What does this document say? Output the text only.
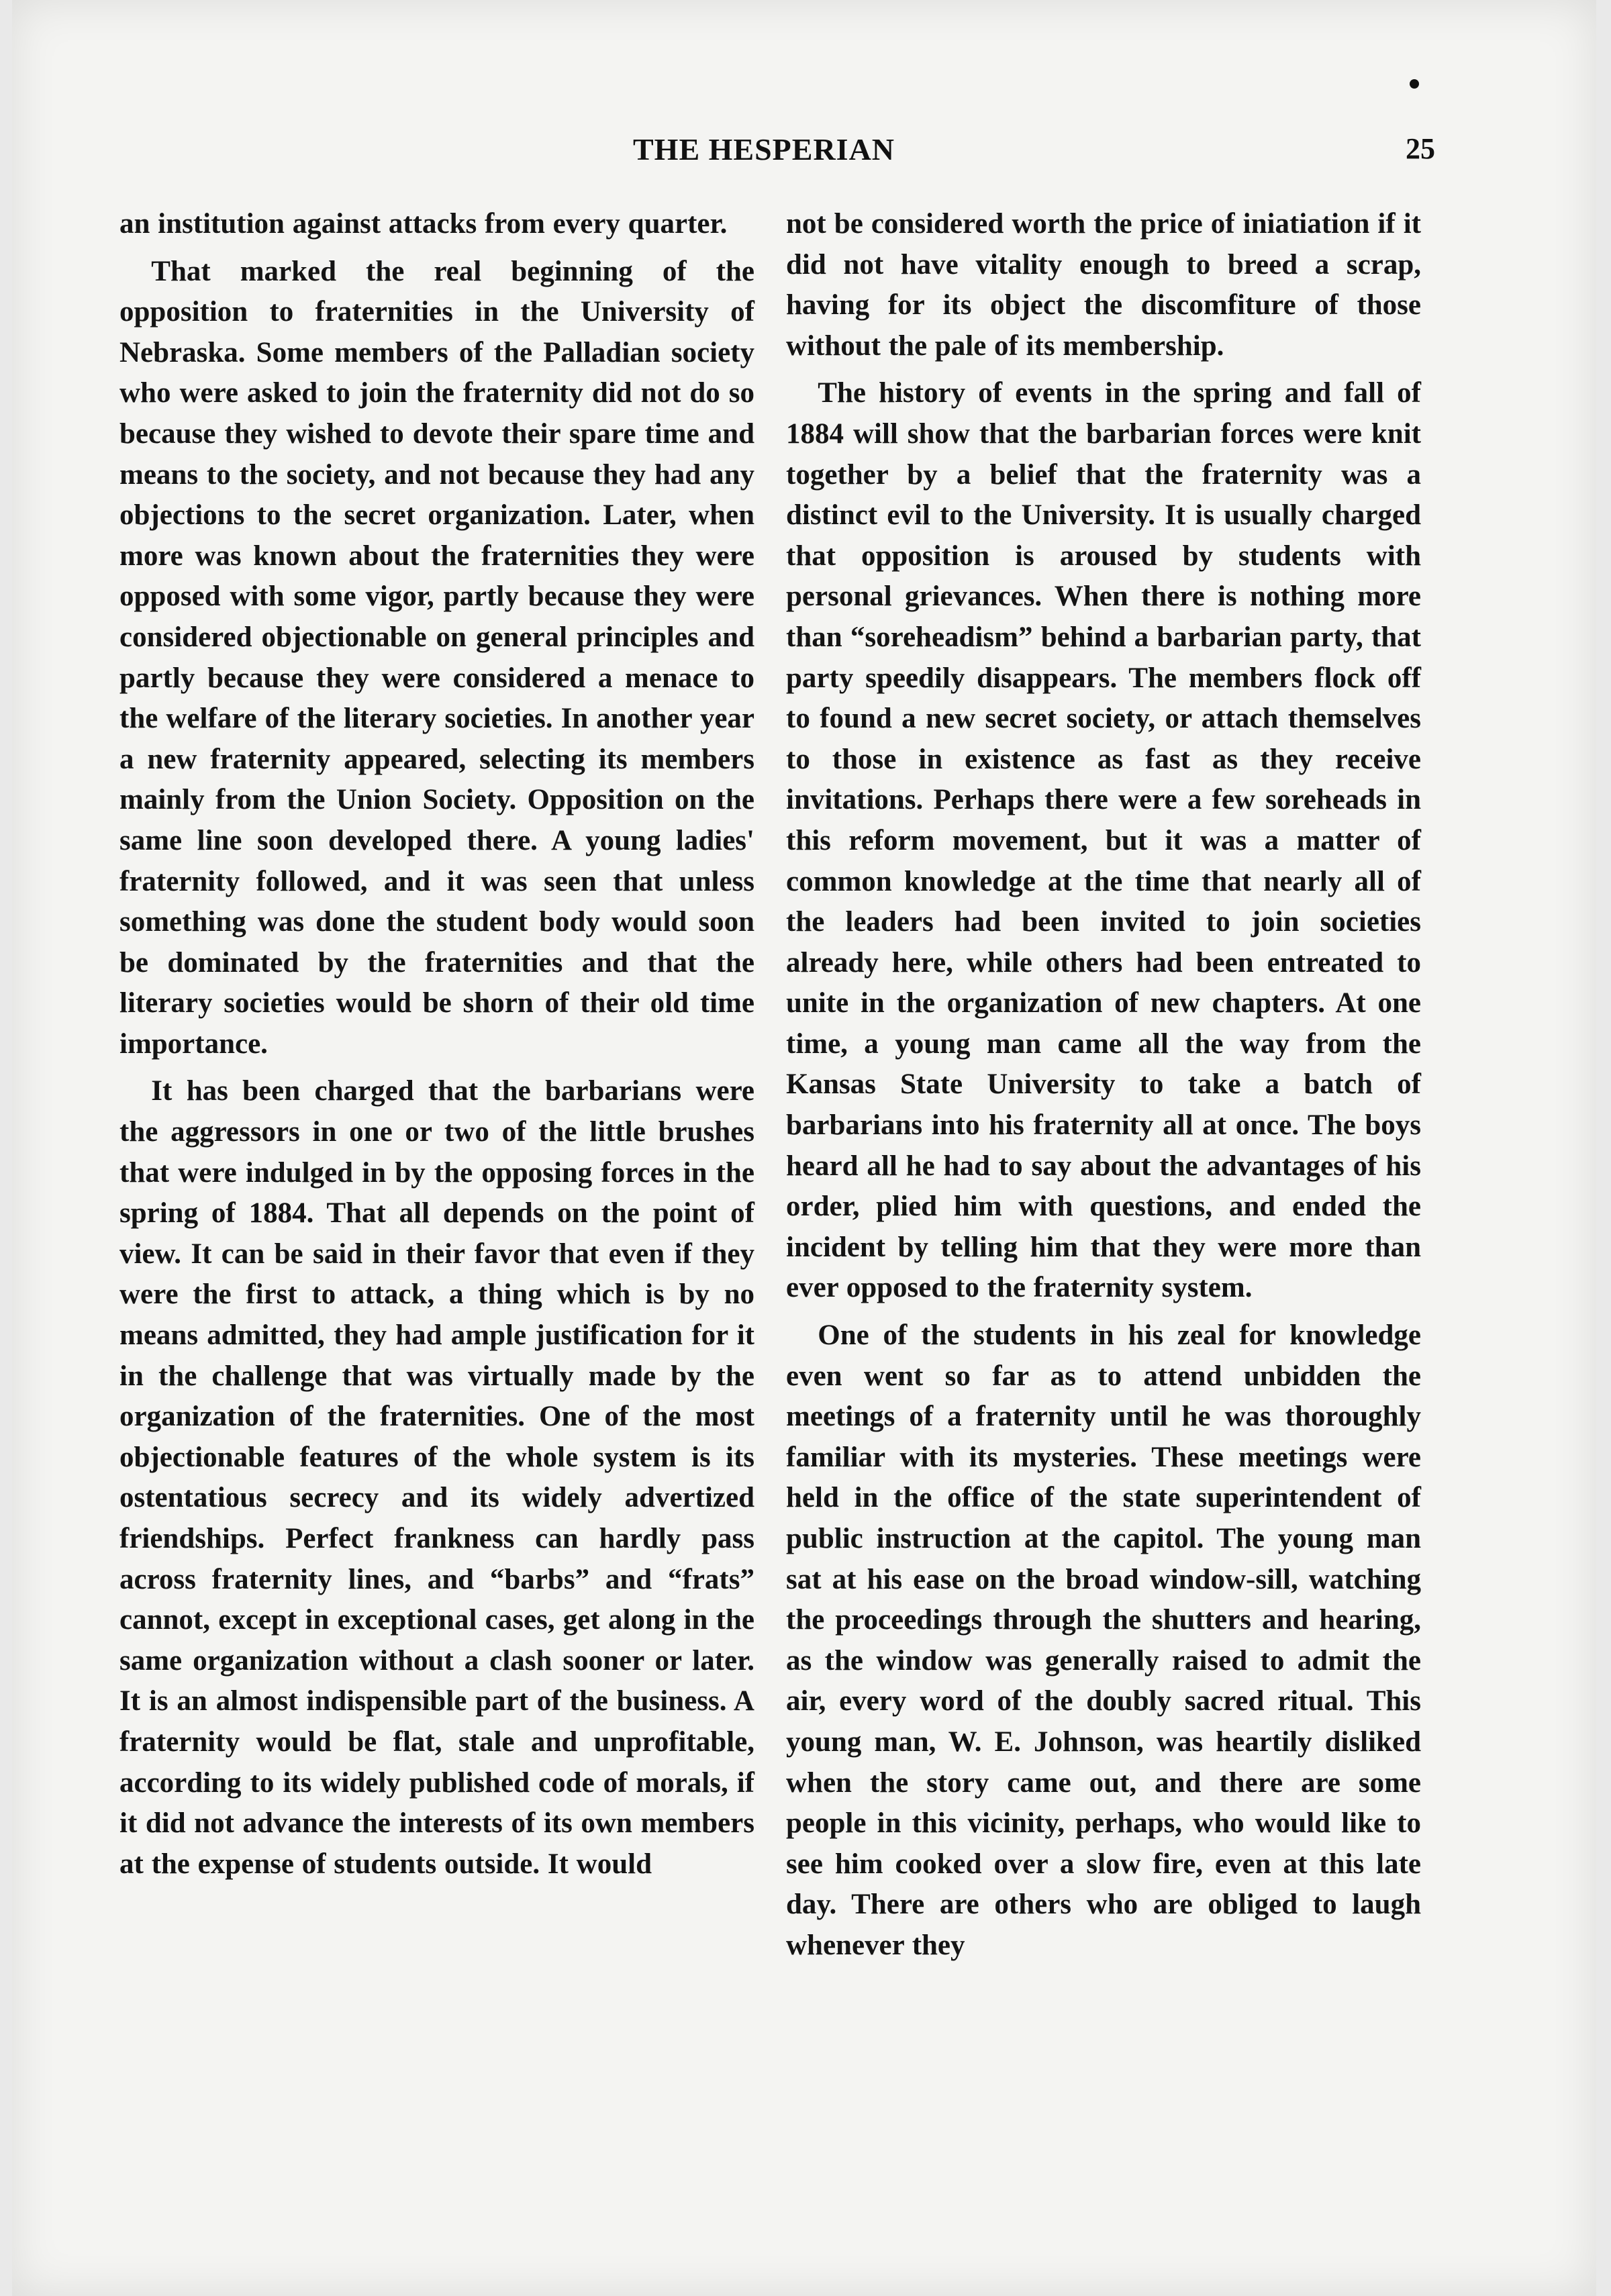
THE HESPERIAN	25

an institution against attacks from every quarter.

That marked the real beginning of the opposition to fraternities in the University of Nebraska. Some members of the Palladian society who were asked to join the fraternity did not do so because they wished to devote their spare time and means to the society, and not because they had any objections to the secret organization. Later, when more was known about the fraternities they were opposed with some vigor, partly because they were considered objectionable on general principles and partly because they were considered a menace to the welfare of the literary societies. In another year a new fraternity appeared, selecting its members mainly from the Union Society. Opposition on the same line soon developed there. A young ladies' fraternity followed, and it was seen that unless something was done the student body would soon be dominated by the fraternities and that the literary societies would be shorn of their old time importance.

It has been charged that the barbarians were the aggressors in one or two of the little brushes that were indulged in by the opposing forces in the spring of 1884. That all depends on the point of view. It can be said in their favor that even if they were the first to attack, a thing which is by no means admitted, they had ample justification for it in the challenge that was virtually made by the organization of the fraternities. One of the most objectionable features of the whole system is its ostentatious secrecy and its widely advertized friendships. Perfect frankness can hardly pass across fraternity lines, and “barbs” and “frats” cannot, except in exceptional cases, get along in the same organization without a clash sooner or later. It is an almost indispensible part of the business. A fraternity would be flat, stale and unprofitable, according to its widely published code of morals, if it did not advance the interests of its own members at the expense of students outside. It would

not be considered worth the price of iniatiation if it did not have vitality enough to breed a scrap, having for its object the discomfiture of those without the pale of its membership.

The history of events in the spring and fall of 1884 will show that the barbarian forces were knit together by a belief that the fraternity was a distinct evil to the University. It is usually charged that opposition is aroused by students with personal grievances. When there is nothing more than “soreheadism” behind a barbarian party, that party speedily disappears. The members flock off to found a new secret society, or attach themselves to those in existence as fast as they receive invitations. Perhaps there were a few soreheads in this reform movement, but it was a matter of common knowledge at the time that nearly all of the leaders had been invited to join societies already here, while others had been entreated to unite in the organization of new chapters. At one time, a young man came all the way from the Kansas State University to take a batch of barbarians into his fraternity all at once. The boys heard all he had to say about the advantages of his order, plied him with questions, and ended the incident by telling him that they were more than ever opposed to the fraternity system.

One of the students in his zeal for knowledge even went so far as to attend unbidden the meetings of a fraternity until he was thoroughly familiar with its mysteries. These meetings were held in the office of the state superintendent of public instruction at the capitol. The young man sat at his ease on the broad window-sill, watching the proceedings through the shutters and hearing, as the window was generally raised to admit the air, every word of the doubly sacred ritual. This young man, W. E. Johnson, was heartily disliked when the story came out, and there are some people in this vicinity, perhaps, who would like to see him cooked over a slow fire, even at this late day. There are others who are obliged to laugh whenever they
